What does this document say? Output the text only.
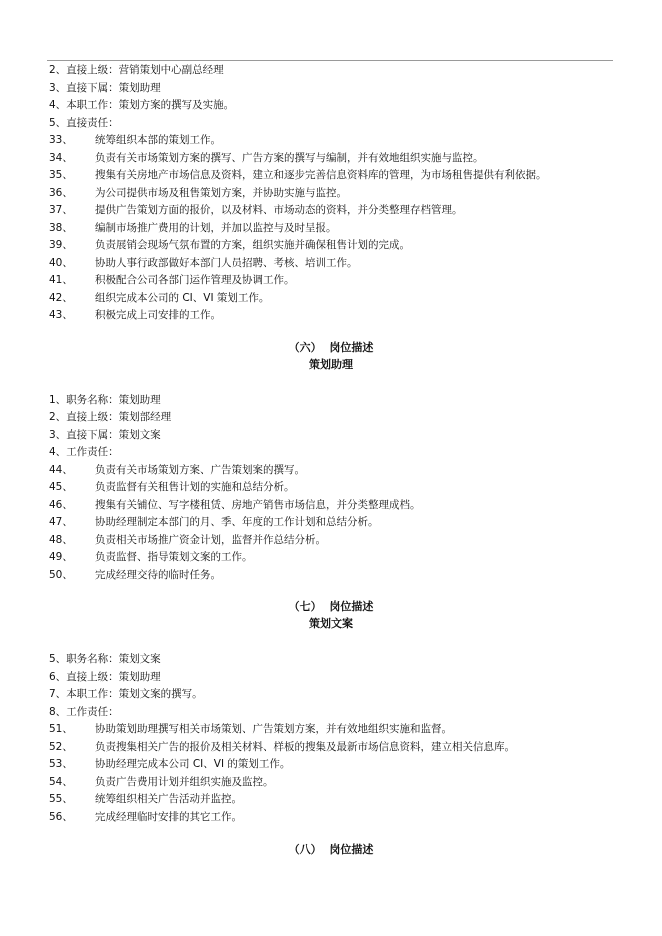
2、直接上级：营销策划中心副总经理
3、直接下属：策划助理
4、本职工作：策划方案的撰写及实施。
5、直接责任：
33、 统筹组织本部的策划工作。
34、 负责有关市场策划方案的撰写、广告方案的撰写与编制，并有效地组织实施与监控。
35、 搜集有关房地产市场信息及资料，建立和逐步完善信息资料库的管理，为市场租售提供有利依据。
36、 为公司提供市场及租售策划方案，并协助实施与监控。
37、 提供广告策划方面的报价，以及材料、市场动态的资料，并分类整理存档管理。
38、 编制市场推广费用的计划，并加以监控与及时呈报。
39、 负责展销会现场气氛布置的方案，组织实施并确保租售计划的完成。
40、 协助人事行政部做好本部门人员招聘、考核、培训工作。
41、 积极配合公司各部门运作管理及协调工作。
42、 组织完成本公司的 CI、VI 策划工作。
43、 积极完成上司安排的工作。
（六）  岗位描述
策划助理
1、职务名称：策划助理
2、直接上级：策划部经理
3、直接下属：策划文案
4、工作责任：
44、 负责有关市场策划方案、广告策划案的撰写。
45、 负责监督有关租售计划的实施和总结分析。
46、 搜集有关铺位、写字楼租赁、房地产销售市场信息，并分类整理成档。
47、 协助经理制定本部门的月、季、年度的工作计划和总结分析。
48、 负责相关市场推广资金计划，监督并作总结分析。
49、 负责监督、指导策划文案的工作。
50、 完成经理交待的临时任务。
（七）  岗位描述
策划文案
5、职务名称：策划文案
6、直接上级：策划助理
7、本职工作：策划文案的撰写。
8、工作责任：
51、 协助策划助理撰写相关市场策划、广告策划方案，并有效地组织实施和监督。
52、 负责搜集相关广告的报价及相关材料、样板的搜集及最新市场信息资料，建立相关信息库。
53、 协助经理完成本公司 CI、VI 的策划工作。
54、 负责广告费用计划并组织实施及监控。
55、 统筹组织相关广告活动并监控。
56、 完成经理临时安排的其它工作。
（八）  岗位描述
